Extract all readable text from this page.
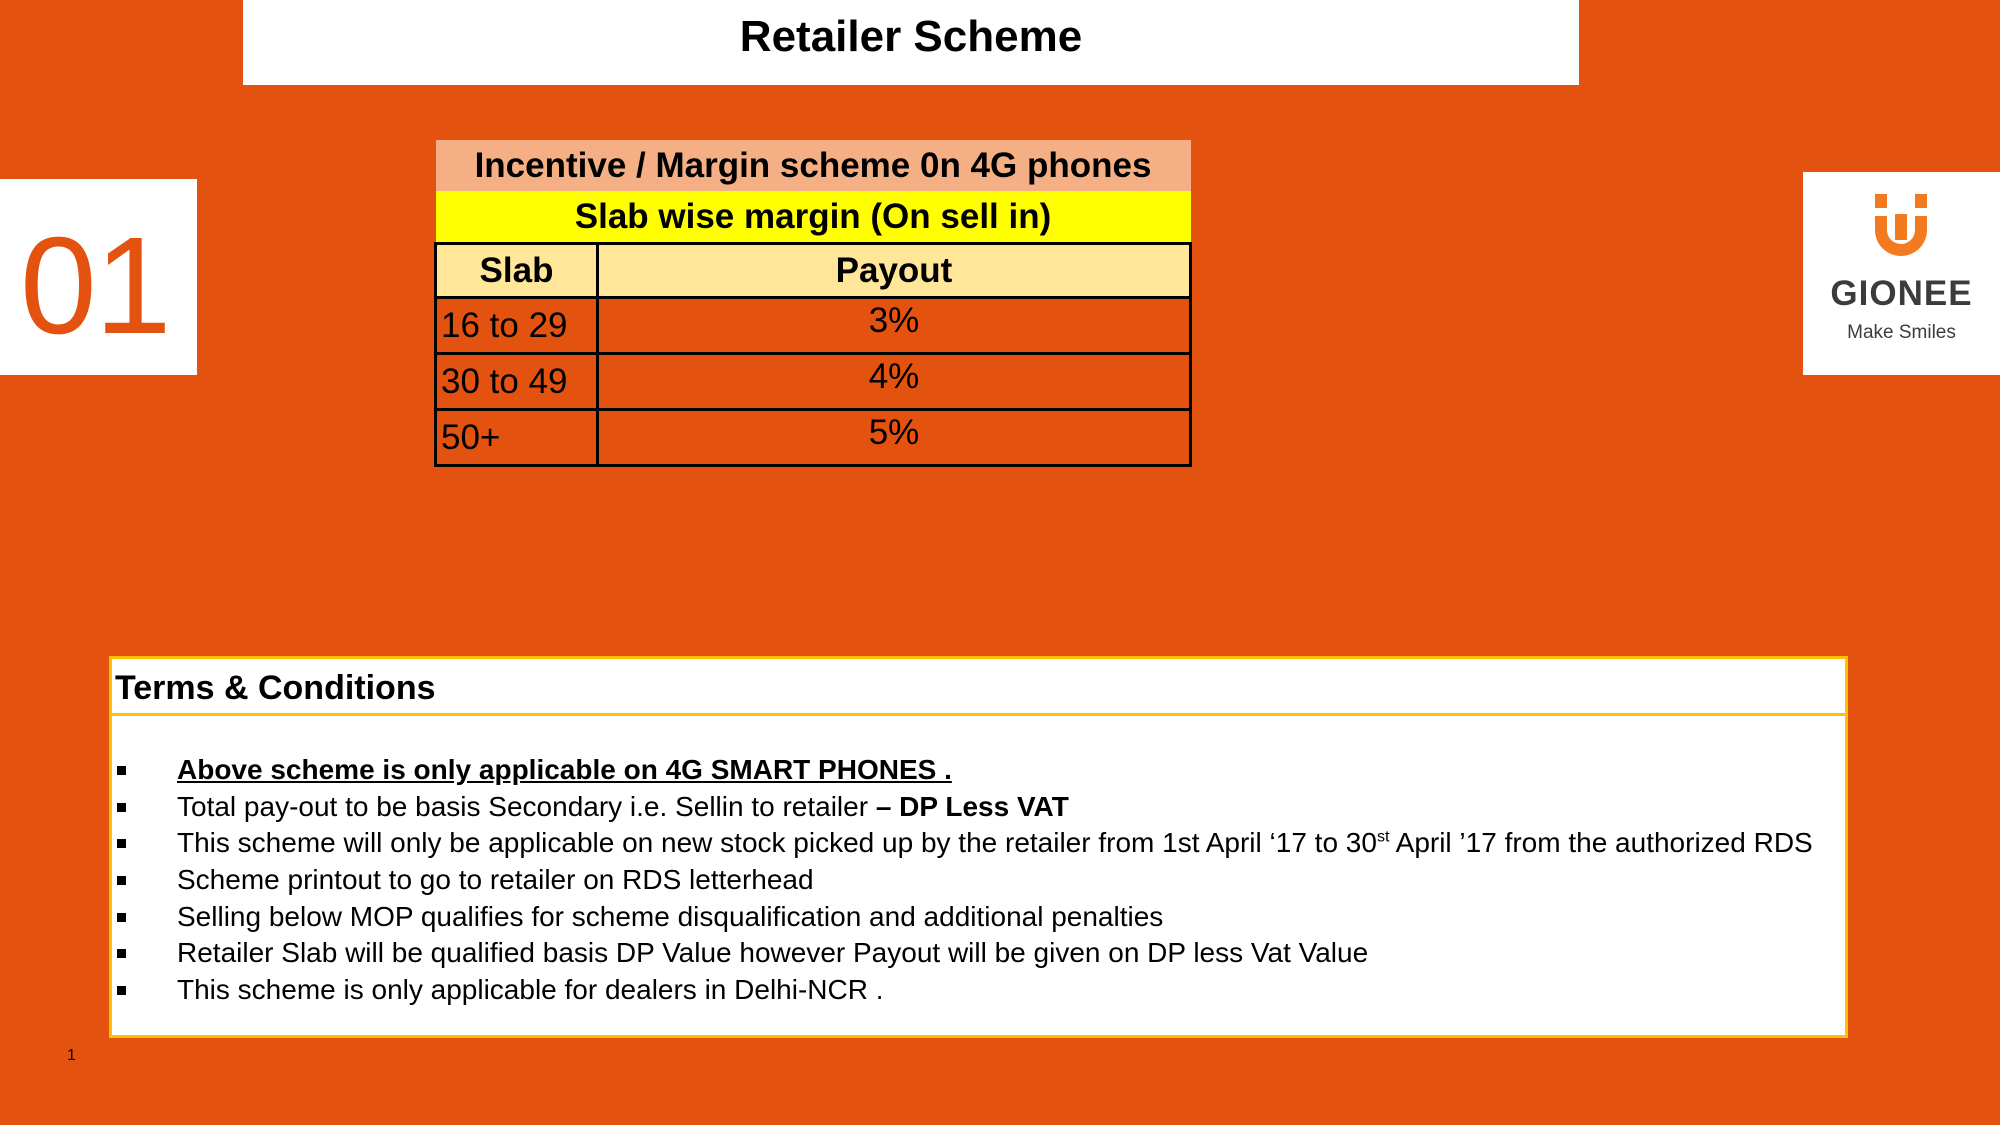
Retailer Scheme
01	GIONEE
Make Smiles
Incentive / Margin scheme 0n 4G phones	
Slab wise margin (On sell in)	
Slab	Payout
16 to 29	3%
30 to 49	4%
50+	5%
Terms & Conditions
Above scheme is only applicable on 4G SMART PHONES .
Total pay-out to be basis Secondary i.e. Sellin to retailer – DP Less VAT
This scheme will only be applicable on new stock picked up by the retailer from 1st April ‘17 to 30st April ’17 from the authorized RDS
Scheme printout to go to retailer on RDS letterhead
Selling below MOP qualifies for scheme disqualification and additional penalties
Retailer Slab will be qualified basis DP Value however Payout will be given on DP less Vat Value
This scheme is only applicable for dealers in Delhi-NCR .
1
